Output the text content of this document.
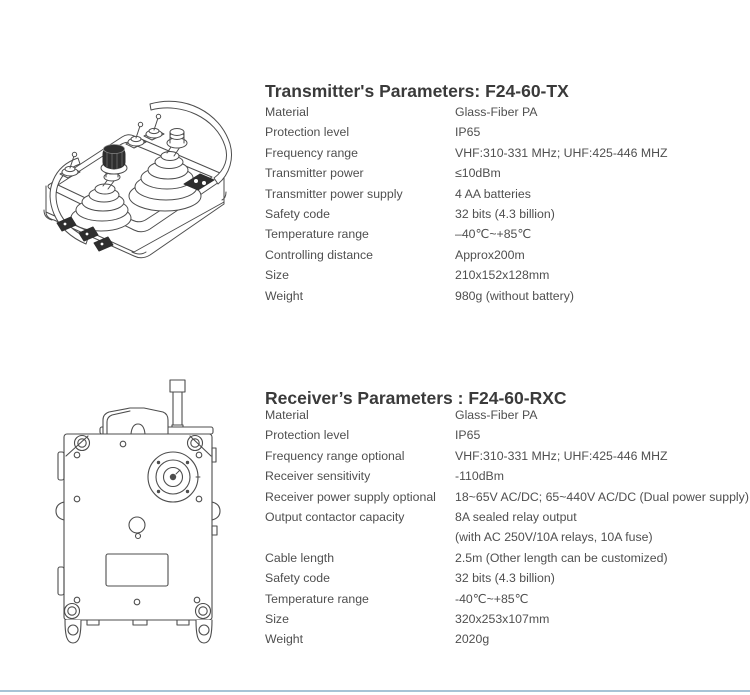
Transmitter's Parameters: F24-60-TX
Material	Glass-Fiber PA
Protection level	IP65
Frequency range	VHF:310-331 MHz; UHF:425-446 MHZ
Transmitter power	≤10dBm
Transmitter power supply	4 AA batteries
Safety code	32 bits (4.3 billion)
Temperature range	–40℃~+85℃
Controlling distance	Approx200m
Size	210x152x128mm
Weight	980g (without battery)
Receiver’s Parameters : F24-60-RXC
Material	Glass-Fiber PA
Protection level	IP65
Frequency range optional	VHF:310-331 MHz; UHF:425-446 MHZ
Receiver sensitivity	-110dBm
Receiver power supply optional	18~65V AC/DC; 65~440V AC/DC (Dual power supply)
Output contactor capacity	8A sealed relay output
(with AC 250V/10A relays, 10A fuse)
Cable length	2.5m (Other length can be customized)
Safety code	32 bits (4.3 billion)
Temperature range	-40℃~+85℃
Size	320x253x107mm
Weight	2020g
